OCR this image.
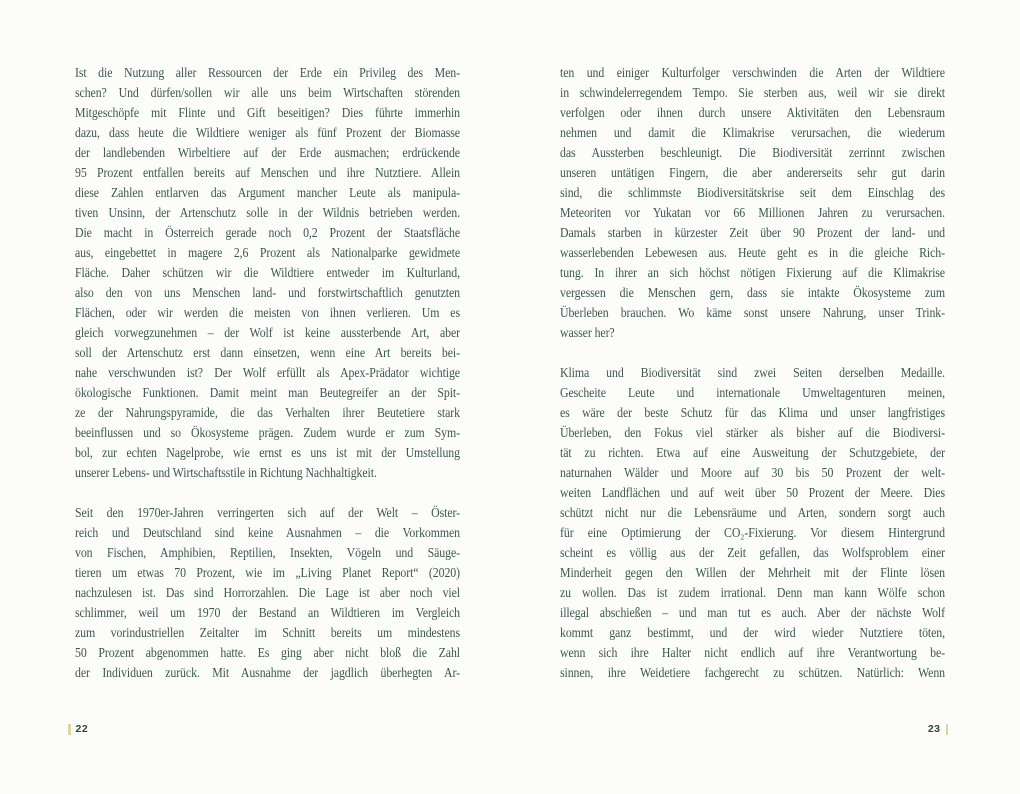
Ist die Nutzung aller Ressourcen der Erde ein Privileg des Men-
schen? Und dürfen/sollen wir alle uns beim Wirtschaften störenden
Mitgeschöpfe mit Flinte und Gift beseitigen? Dies führte immerhin
dazu, dass heute die Wildtiere weniger als fünf Prozent der Biomasse
der landlebenden Wirbeltiere auf der Erde ausmachen; erdrückende
95 Prozent entfallen bereits auf Menschen und ihre Nutztiere. Allein
diese Zahlen entlarven das Argument mancher Leute als manipula-
tiven Unsinn, der Artenschutz solle in der Wildnis betrieben werden.
Die macht in Österreich gerade noch 0,2 Prozent der Staatsfläche
aus, eingebettet in magere 2,6 Prozent als Nationalparke gewidmete
Fläche. Daher schützen wir die Wildtiere entweder im Kulturland,
also den von uns Menschen land- und forstwirtschaftlich genutzten
Flächen, oder wir werden die meisten von ihnen verlieren. Um es
gleich vorwegzunehmen – der Wolf ist keine aussterbende Art, aber
soll der Artenschutz erst dann einsetzen, wenn eine Art bereits bei-
nahe verschwunden ist? Der Wolf erfüllt als Apex-Prädator wichtige
ökologische Funktionen. Damit meint man Beutegreifer an der Spit-
ze der Nahrungspyramide, die das Verhalten ihrer Beutetiere stark
beeinflussen und so Ökosysteme prägen. Zudem wurde er zum Sym-
bol, zur echten Nagelprobe, wie ernst es uns ist mit der Umstellung
unserer Lebens- und Wirtschaftsstile in Richtung Nachhaltigkeit.
Seit den 1970er-Jahren verringerten sich auf der Welt – Öster-
reich und Deutschland sind keine Ausnahmen – die Vorkommen
von Fischen, Amphibien, Reptilien, Insekten, Vögeln und Säuge-
tieren um etwas 70 Prozent, wie im „Living Planet Report“ (2020)
nachzulesen ist. Das sind Horrorzahlen. Die Lage ist aber noch viel
schlimmer, weil um 1970 der Bestand an Wildtieren im Vergleich
zum vorindustriellen Zeitalter im Schnitt bereits um mindestens
50 Prozent abgenommen hatte. Es ging aber nicht bloß die Zahl
der Individuen zurück. Mit Ausnahme der jagdlich überhegten Ar-
ten und einiger Kulturfolger verschwinden die Arten der Wildtiere
in schwindelerregendem Tempo. Sie sterben aus, weil wir sie direkt
verfolgen oder ihnen durch unsere Aktivitäten den Lebensraum
nehmen und damit die Klimakrise verursachen, die wiederum
das Aussterben beschleunigt. Die Biodiversität zerrinnt zwischen
unseren untätigen Fingern, die aber andererseits sehr gut darin
sind, die schlimmste Biodiversitätskrise seit dem Einschlag des
Meteoriten vor Yukatan vor 66 Millionen Jahren zu verursachen.
Damals starben in kürzester Zeit über 90 Prozent der land- und
wasserlebenden Lebewesen aus. Heute geht es in die gleiche Rich-
tung. In ihrer an sich höchst nötigen Fixierung auf die Klimakrise
vergessen die Menschen gern, dass sie intakte Ökosysteme zum
Überleben brauchen. Wo käme sonst unsere Nahrung, unser Trink-
wasser her?
Klima und Biodiversität sind zwei Seiten derselben Medaille.
Gescheite Leute und internationale Umweltagenturen meinen,
es wäre der beste Schutz für das Klima und unser langfristiges
Überleben, den Fokus viel stärker als bisher auf die Biodiversi-
tät zu richten. Etwa auf eine Ausweitung der Schutzgebiete, der
naturnahen Wälder und Moore auf 30 bis 50 Prozent der welt-
weiten Landflächen und auf weit über 50 Prozent der Meere. Dies
schützt nicht nur die Lebensräume und Arten, sondern sorgt auch
für eine Optimierung der CO₂-Fixierung. Vor diesem Hintergrund
scheint es völlig aus der Zeit gefallen, das Wolfsproblem einer
Minderheit gegen den Willen der Mehrheit mit der Flinte lösen
zu wollen. Das ist zudem irrational. Denn man kann Wölfe schon
illegal abschießen – und man tut es auch. Aber der nächste Wolf
kommt ganz bestimmt, und der wird wieder Nutztiere töten,
wenn sich ihre Halter nicht endlich auf ihre Verantwortung be-
sinnen, ihre Weidetiere fachgerecht zu schützen. Natürlich: Wenn
22	23
